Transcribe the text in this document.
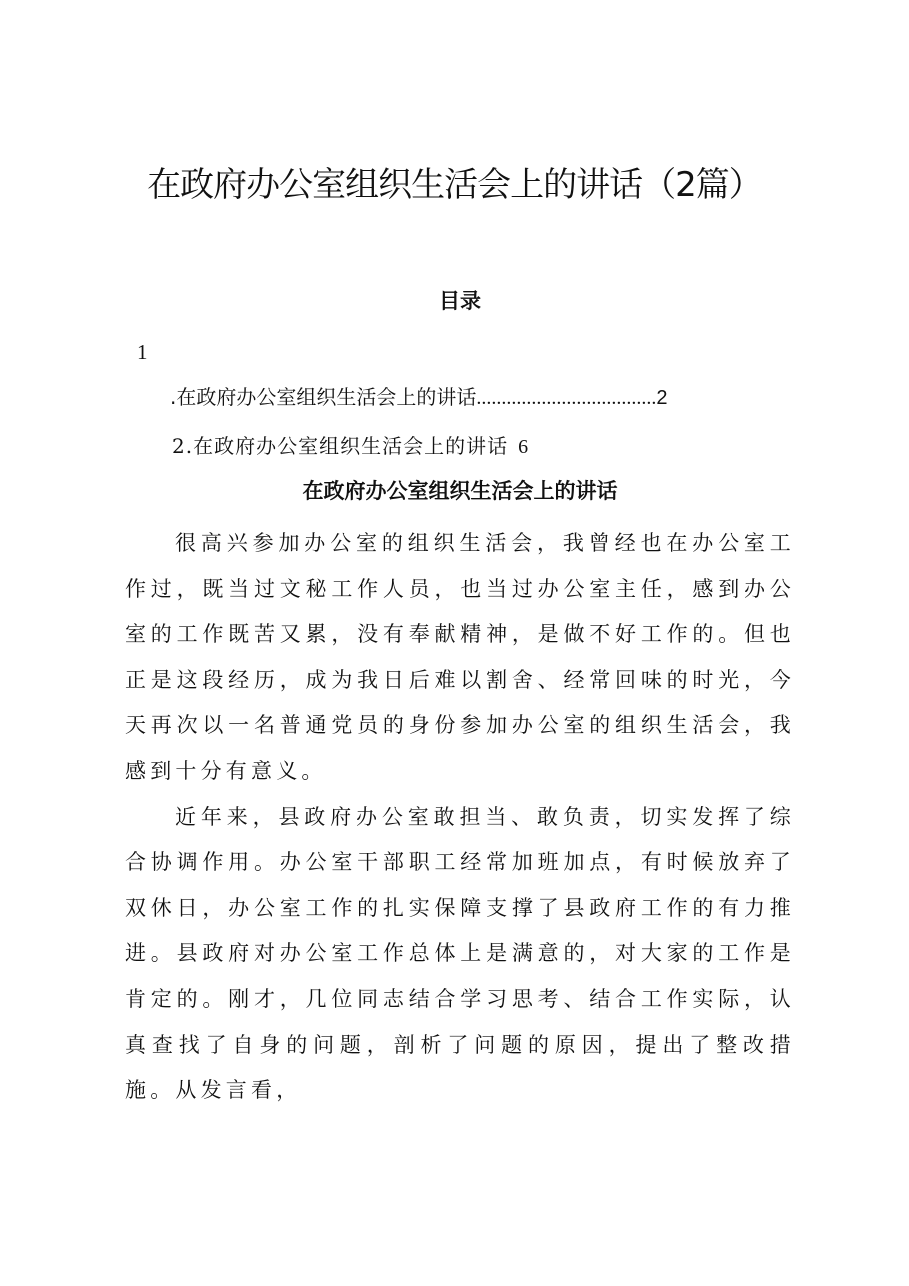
在政府办公室组织生活会上的讲话（2篇）
目录
1
.在政府办公室组织生活会上的讲话 .................................... 2
2.在政府办公室组织生活会上的讲话 6
在政府办公室组织生活会上的讲话

很高兴参加办公室的组织生活会，我曾经也在办公室工作过，既当过文秘工作人员，也当过办公室主任，感到办公室的工作既苦又累，没有奉献精神，是做不好工作的。但也正是这段经历，成为我日后难以割舍、经常回味的时光，今天再次以一名普通党员的身份参加办公室的组织生活会，我感到十分有意义。

近年来，县政府办公室敢担当、敢负责，切实发挥了综合协调作用。办公室干部职工经常加班加点，有时候放弃了双休日，办公室工作的扎实保障支撑了县政府工作的有力推进。县政府对办公室工作总体上是满意的，对大家的工作是肯定的。刚才，几位同志结合学习思考、结合工作实际，认真查找了自身的问题，剖析了问题的原因，提出了整改措施。从发言看，
